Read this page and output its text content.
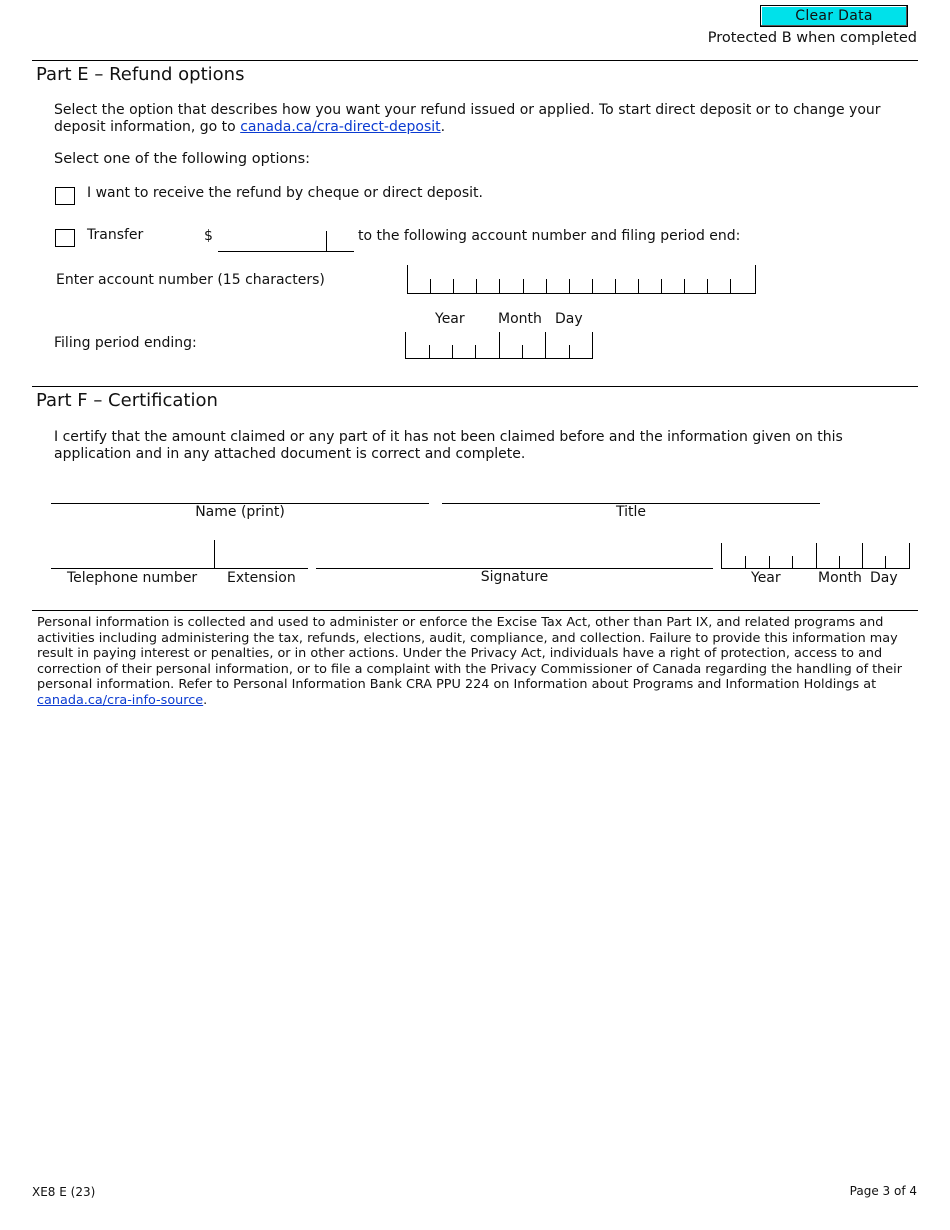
Clear Data
Protected B when completed
Part E – Refund options
Select the option that describes how you want your refund issued or applied. To start direct deposit or to change your deposit information, go to canada.ca/cra-direct-deposit.
Select one of the following options:
I want to receive the refund by cheque or direct deposit.
Transfer	$	to the following account number and filing period end:
Enter account number (15 characters)
Year Month Day
Filing period ending:
Part F – Certification
I certify that the amount claimed or any part of it has not been claimed before and the information given on this application and in any attached document is correct and complete.
Name (print)	Title
Telephone number Extension	Signature	Year	Month Day
Personal information is collected and used to administer or enforce the Excise Tax Act, other than Part IX, and related programs and activities including administering the tax, refunds, elections, audit, compliance, and collection. Failure to provide this information may result in paying interest or penalties, or in other actions. Under the Privacy Act, individuals have a right of protection, access to and correction of their personal information, or to file a complaint with the Privacy Commissioner of Canada regarding the handling of their personal information. Refer to Personal Information Bank CRA PPU 224 on Information about Programs and Information Holdings at canada.ca/cra-info-source.
XE8 E (23)	Page 3 of 4
